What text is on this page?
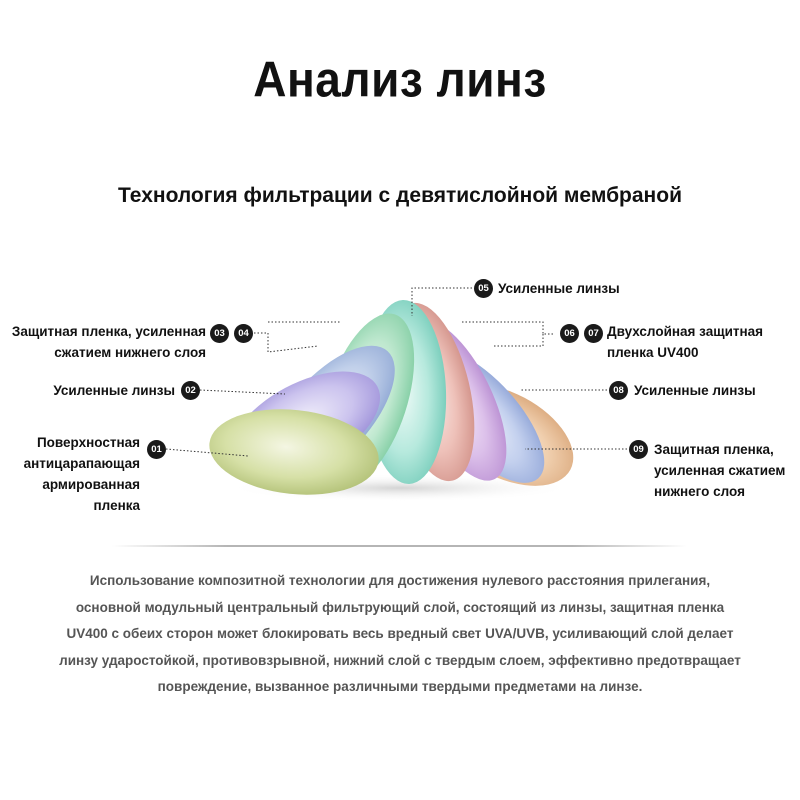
Анализ линз
Технология фильтрации с девятислойной мембраной
01
02
03	04
05
06	07
08
09
Поверхностная
антицарапающая
армированная
пленка
Усиленные линзы
Защитная пленка, усиленная
сжатием нижнего слоя
Усиленные линзы
Двухслойная защитная
пленка UV400
Усиленные линзы
Защитная пленка,
усиленная сжатием
нижнего слоя
Использование композитной технологии для достижения нулевого расстояния прилегания,
основной модульный центральный фильтрующий слой, состоящий из линзы, защитная пленка
UV400 с обеих сторон может блокировать весь вредный свет UVA/UVB, усиливающий слой делает
линзу ударостойкой, противовзрывной, нижний слой с твердым слоем, эффективно предотвращает
повреждение, вызванное различными твердыми предметами на линзе.
